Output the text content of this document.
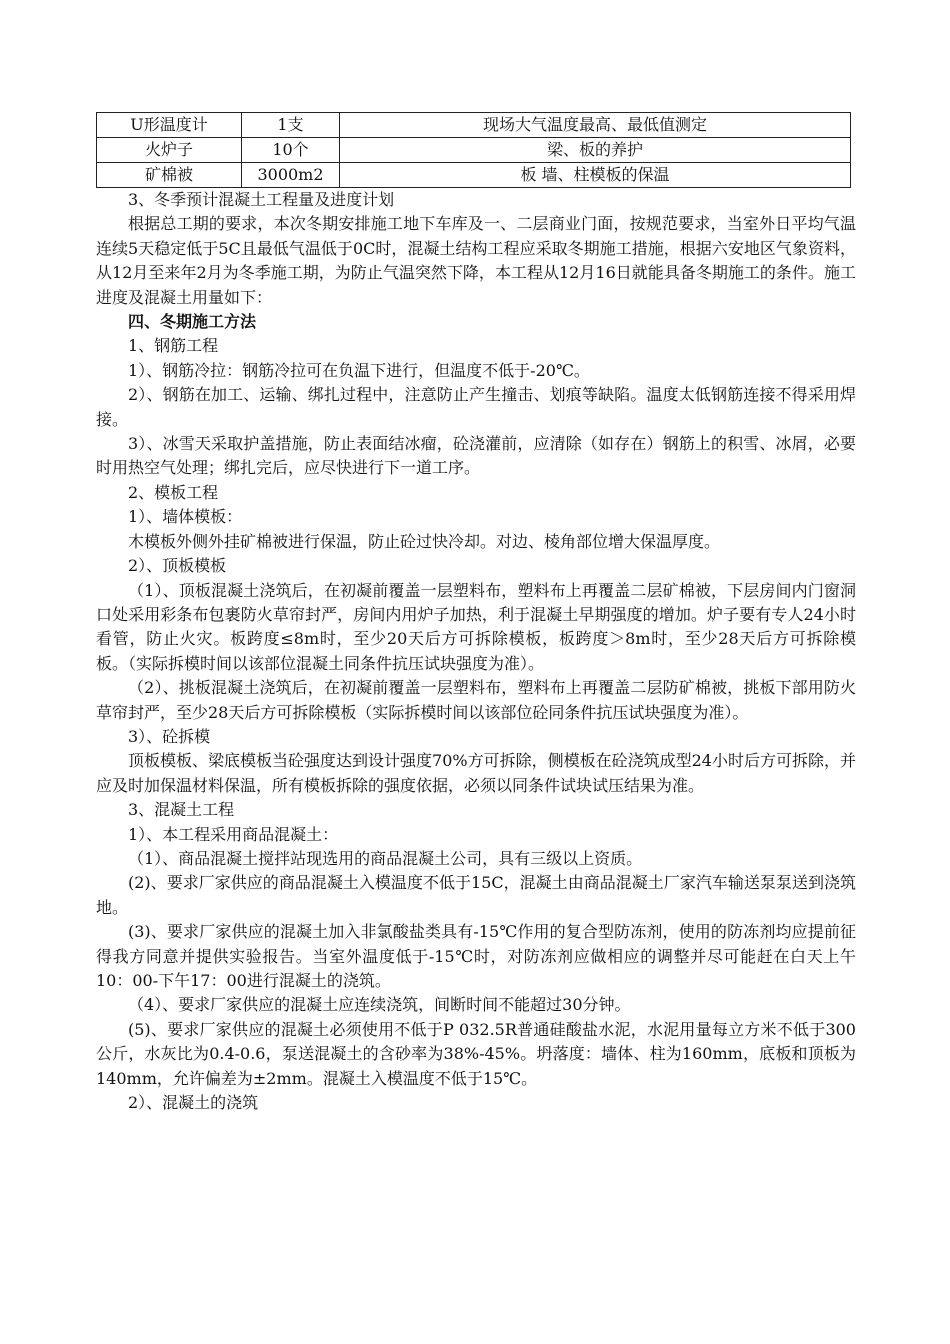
U形温度计	1支	现场大气温度最高、最低值测定
火炉子	10个	梁、板的养护
矿棉被	3000m2	板 墙、柱模板的保温

3、冬季预计混凝土工程量及进度计划

根据总工期的要求，本次冬期安排施工地下车库及一、二层商业门面，按规范要求，当室外日平均气温连续5天稳定低于5C且最低气温低于0C时，混凝土结构工程应采取冬期施工措施，根据六安地区气象资料，从12月至来年2月为冬季施工期，为防止气温突然下降，本工程从12月16日就能具备冬期施工的条件。施工进度及混凝土用量如下：

四、冬期施工方法

1、钢筋工程

1）、钢筋冷拉：钢筋冷拉可在负温下进行，但温度不低于-20℃。

2）、钢筋在加工、运输、绑扎过程中，注意防止产生撞击、划痕等缺陷。温度太低钢筋连接不得采用焊接。

3）、冰雪天采取护盖措施，防止表面结冰瘤，砼浇灌前，应清除（如存在）钢筋上的积雪、冰屑，必要时用热空气处理；绑扎完后，应尽快进行下一道工序。

2、模板工程

1）、墙体模板：

木模板外侧外挂矿棉被进行保温，防止砼过快冷却。对边、棱角部位增大保温厚度。

2）、顶板模板

（1）、顶板混凝土浇筑后，在初凝前覆盖一层塑料布，塑料布上再覆盖二层矿棉被，下层房间内门窗洞口处采用彩条布包裹防火草帘封严，房间内用炉子加热，利于混凝土早期强度的增加。炉子要有专人24小时看管，防止火灾。板跨度≤8m时，至少20天后方可拆除模板，板跨度＞8m时，至少28天后方可拆除模板。（实际拆模时间以该部位混凝土同条件抗压试块强度为准）。

（2）、挑板混凝土浇筑后，在初凝前覆盖一层塑料布，塑料布上再覆盖二层防矿棉被，挑板下部用防火草帘封严，至少28天后方可拆除模板（实际拆模时间以该部位砼同条件抗压试块强度为准）。

3）、砼拆模

顶板模板、梁底模板当砼强度达到设计强度70%方可拆除，侧模板在砼浇筑成型24小时后方可拆除，并应及时加保温材料保温，所有模板拆除的强度依据，必须以同条件试块试压结果为准。

3、混凝土工程

1）、本工程采用商品混凝土：

（1）、商品混凝土搅拌站现选用的商品混凝土公司，具有三级以上资质。

(2)、要求厂家供应的商品混凝土入模温度不低于15C，混凝土由商品混凝土厂家汽车输送泵泵送到浇筑地。

(3)、要求厂家供应的混凝土加入非氯酸盐类具有-15℃作用的复合型防冻剂，使用的防冻剂均应提前征得我方同意并提供实验报告。当室外温度低于-15℃时，对防冻剂应做相应的调整并尽可能赶在白天上午10：00-下午17：00进行混凝土的浇筑。

（4）、要求厂家供应的混凝土应连续浇筑，间断时间不能超过30分钟。

(5)、要求厂家供应的混凝土必须使用不低于P 032.5R普通硅酸盐水泥，水泥用量每立方米不低于300公斤，水灰比为0.4-0.6，泵送混凝土的含砂率为38%-45%。坍落度：墙体、柱为160mm，底板和顶板为140mm，允许偏差为±2mm。混凝土入模温度不低于15℃。

2）、混凝土的浇筑
